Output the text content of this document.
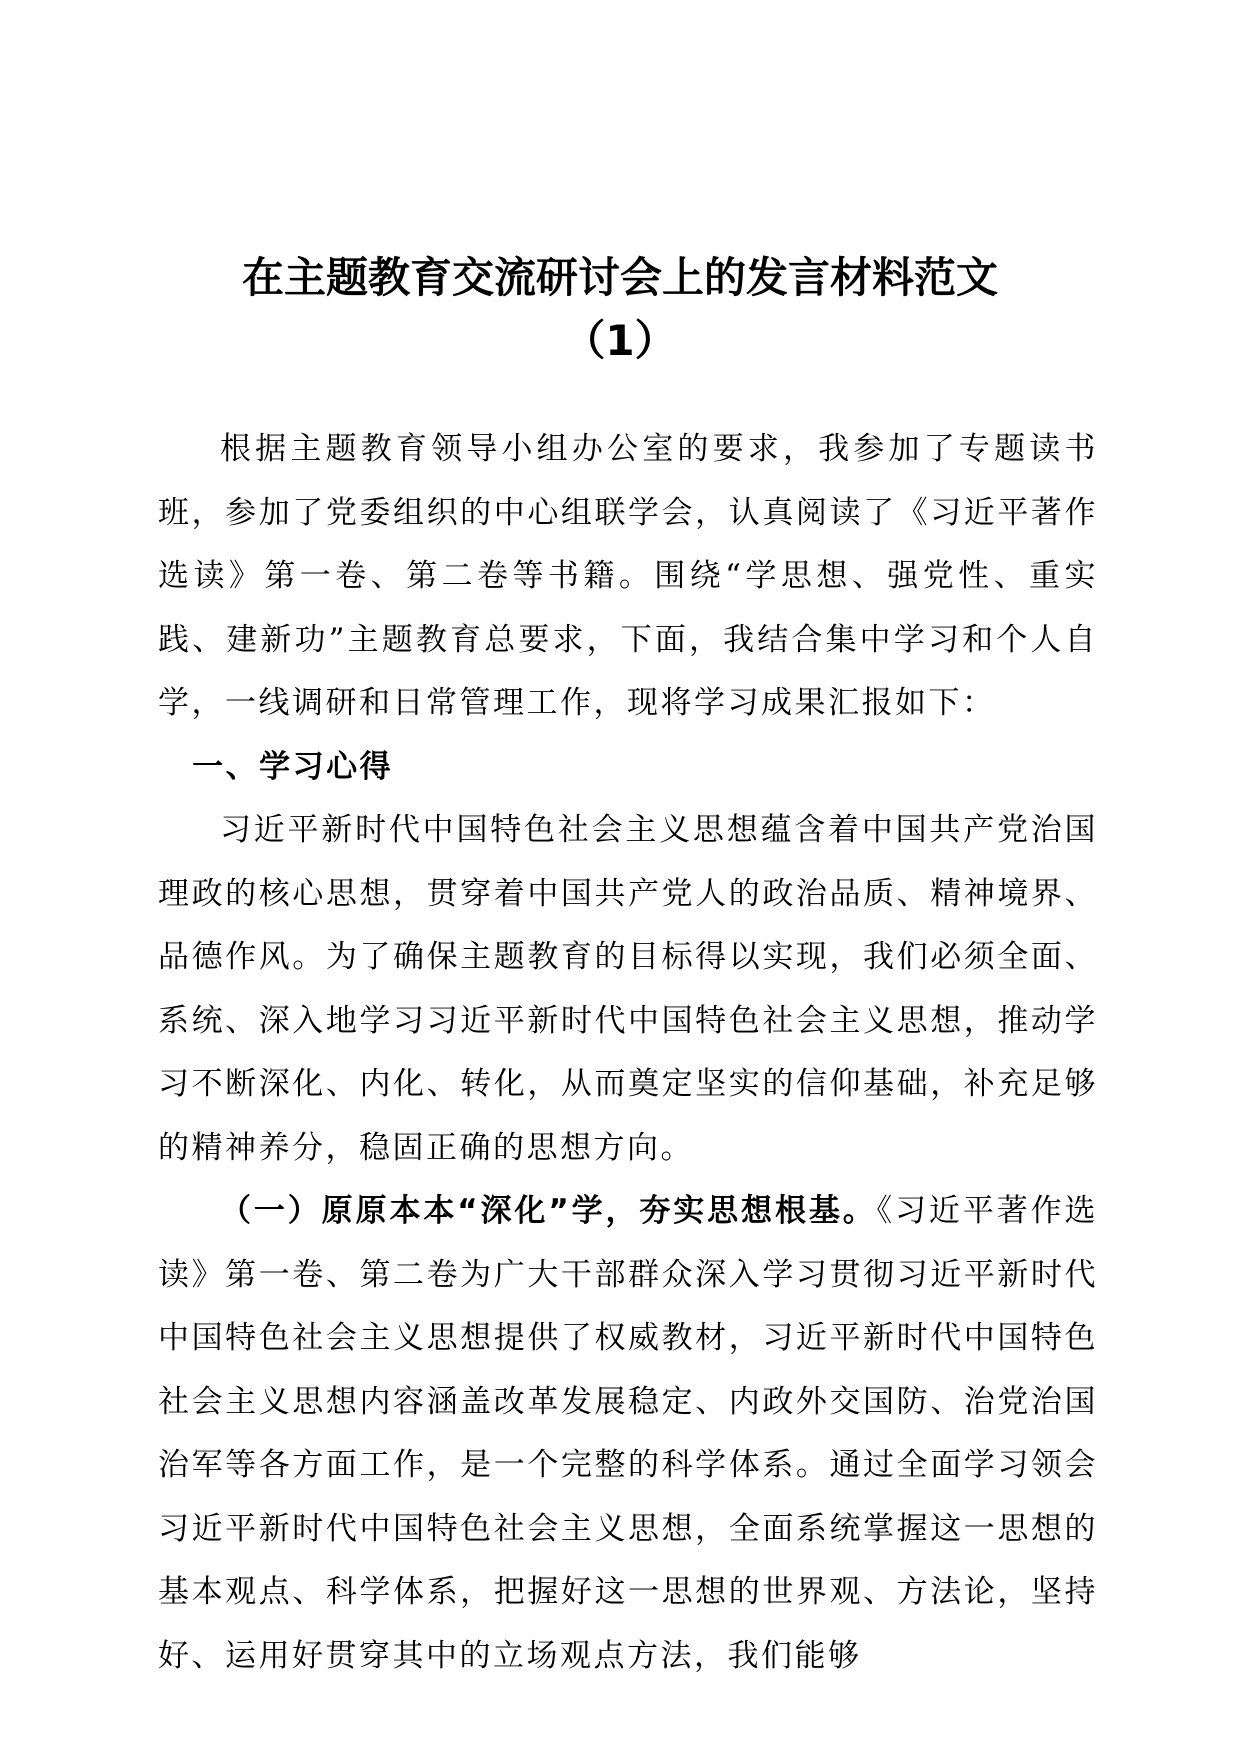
在主题教育交流研讨会上的发言材料范文
（1）

根据主题教育领导小组办公室的要求，我参加了专题读书班，参加了党委组织的中心组联学会，认真阅读了《习近平著作选读》第一卷、第二卷等书籍。围绕“学思想、强党性、重实践、建新功”主题教育总要求，下面，我结合集中学习和个人自学，一线调研和日常管理工作，现将学习成果汇报如下：

一、学习心得

习近平新时代中国特色社会主义思想蕴含着中国共产党治国理政的核心思想，贯穿着中国共产党人的政治品质、精神境界、品德作风。为了确保主题教育的目标得以实现，我们必须全面、系统、深入地学习习近平新时代中国特色社会主义思想，推动学习不断深化、内化、转化，从而奠定坚实的信仰基础，补充足够的精神养分，稳固正确的思想方向。

（一）原原本本“深化”学，夯实思想根基。《习近平著作选读》第一卷、第二卷为广大干部群众深入学习贯彻习近平新时代中国特色社会主义思想提供了权威教材，习近平新时代中国特色社会主义思想内容涵盖改革发展稳定、内政外交国防、治党治国治军等各方面工作，是一个完整的科学体系。通过全面学习领会习近平新时代中国特色社会主义思想，全面系统掌握这一思想的基本观点、科学体系，把握好这一思想的世界观、方法论，坚持好、运用好贯穿其中的立场观点方法，我们能够
